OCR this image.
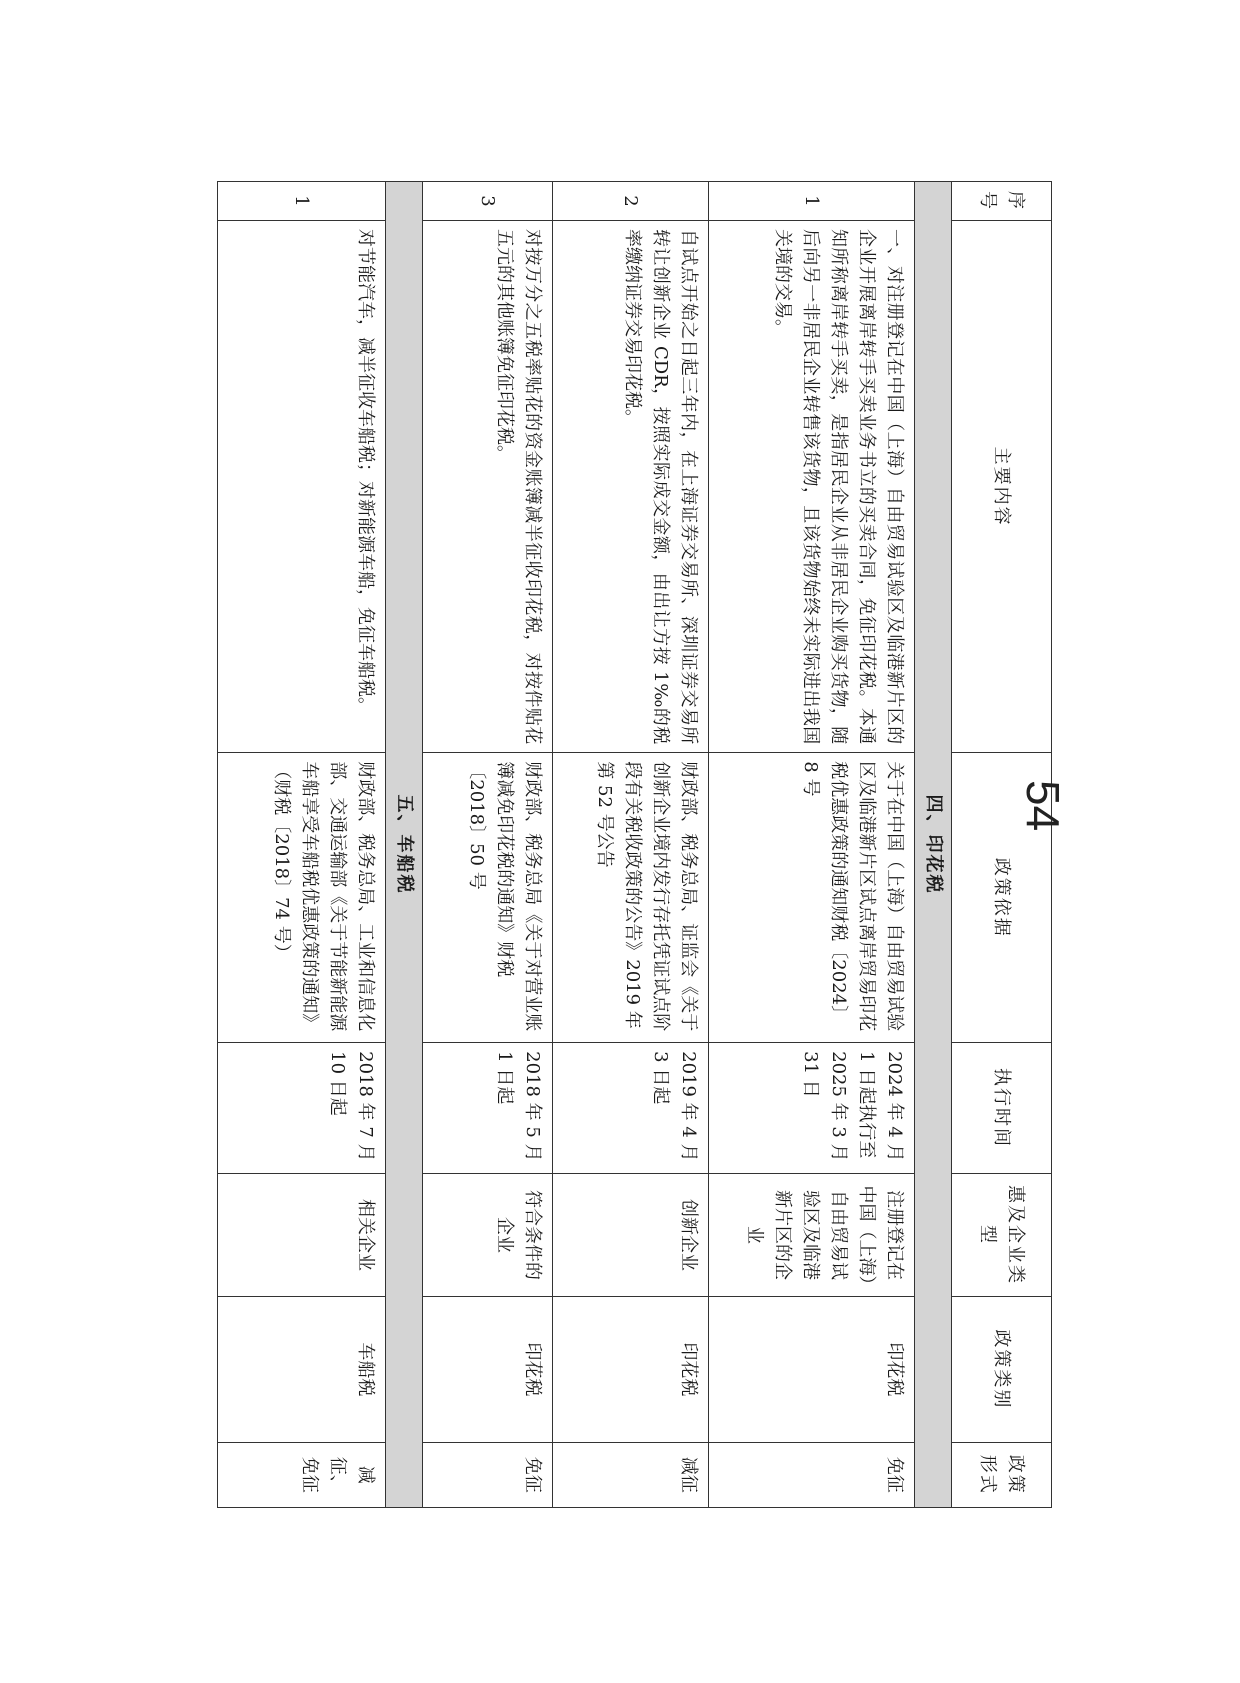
序号	主要内容	政策依据	执行时间	惠及企业类型	政策类别	政策形式
四、印花税						
1	一、对注册登记在中国（上海）自由贸易试验区及临港新片区的企业开展离岸转手买卖业务书立的买卖合同，免征印花税。本通知所称离岸转手买卖，是指居民企业从非居民企业购买货物，随后向另一非居民企业转售该货物，且该货物始终未实际进出我国关境的交易。	关于在中国（上海）自由贸易试验区及临港新片区试点离岸贸易印花税优惠政策的通知财税〔2024〕8 号	2024 年 4 月 1 日起执行至 2025 年 3 月 31 日	注册登记在中国（上海）自由贸易试验区及临港新片区的企业	印花税	免征
2	自试点开始之日起三年内，在上海证券交易所、深圳证券交易所转让创新企业 CDR，按照实际成交金额，由出让方按 1‰的税率缴纳证券交易印花税。	财政部、税务总局、证监会《关于创新企业境内发行存托凭证试点阶段有关税收政策的公告》2019 年第 52 号公告	2019 年 4 月 3 日起	创新企业	印花税	减征
3	对按万分之五税率贴花的资金账簿减半征收印花税，对按件贴花五元的其他账簿免征印花税。	财政部、税务总局《关于对营业账簿减免印花税的通知》财税〔2018〕50 号	2018 年 5 月 1 日起	符合条件的企业	印花税	免征
五、车船税						
1	对节能汽车，减半征收车船税；对新能源车船，免征车船税。	财政部、税务总局、工业和信息化部、交通运输部《关于节能新能源车船享受车船税优惠政策的通知》（财税〔2018〕74 号）	2018 年 7 月 10 日起	相关企业	车船税	减征、免征
54
